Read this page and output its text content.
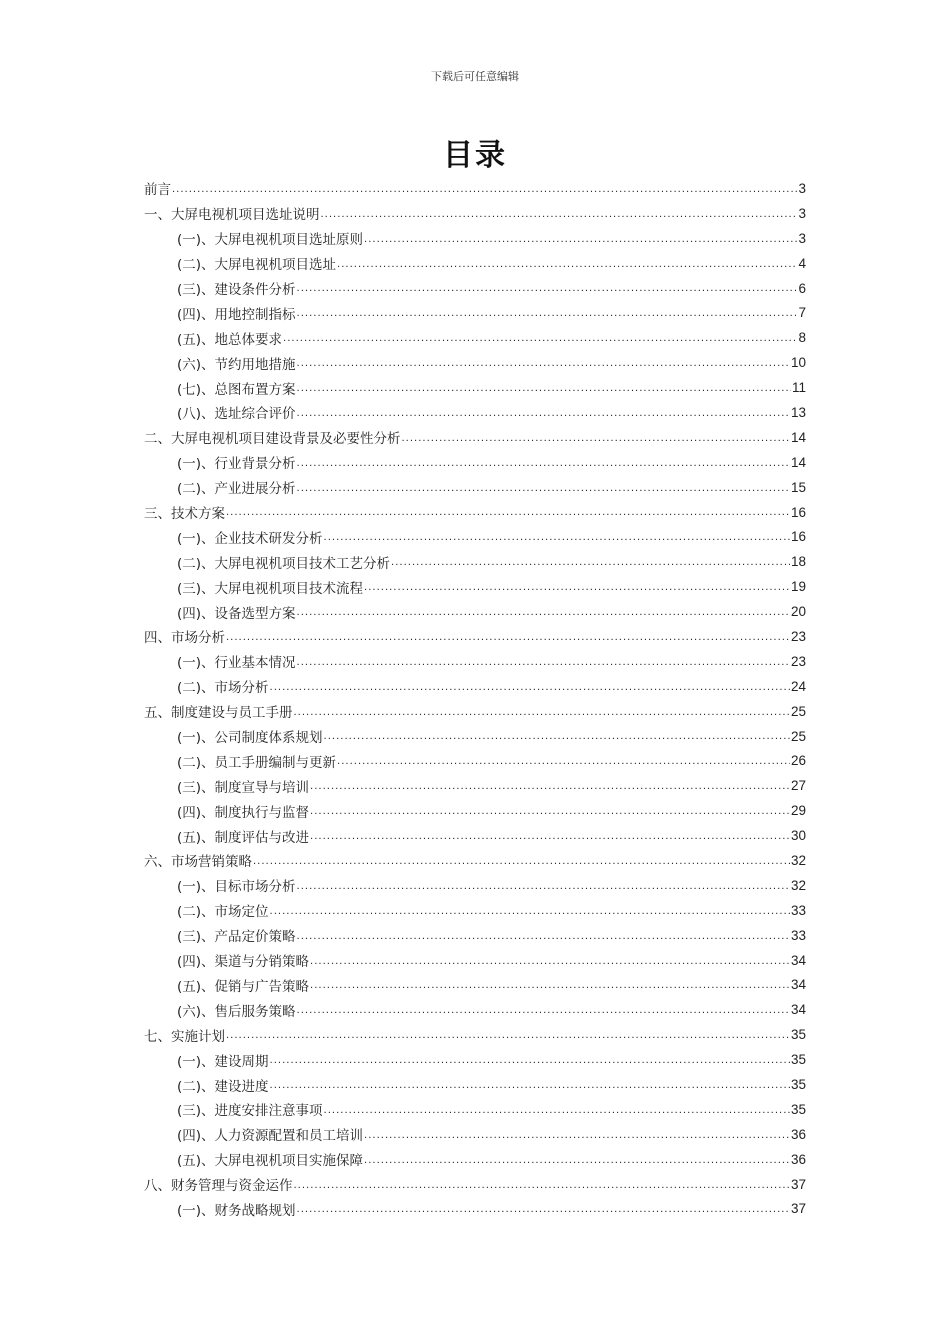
下载后可任意编辑
目录
前言 .....	3
一、大屏电视机项目选址说明 .....	3
(一)、大屏电视机项目选址原则 .....	3
(二)、大屏电视机项目选址 .....	4
(三)、建设条件分析 .....	6
(四)、用地控制指标 .....	7
(五)、地总体要求 .....	8
(六)、节约用地措施 .....	10
(七)、总图布置方案 .....	11
(八)、选址综合评价 .....	13
二、大屏电视机项目建设背景及必要性分析 .....	14
(一)、行业背景分析 .....	14
(二)、产业进展分析 .....	15
三、技术方案 .....	16
(一)、企业技术研发分析 .....	16
(二)、大屏电视机项目技术工艺分析 .....	18
(三)、大屏电视机项目技术流程 .....	19
(四)、设备选型方案 .....	20
四、市场分析 .....	23
(一)、行业基本情况 .....	23
(二)、市场分析 .....	24
五、制度建设与员工手册 .....	25
(一)、公司制度体系规划 .....	25
(二)、员工手册编制与更新 .....	26
(三)、制度宣导与培训 .....	27
(四)、制度执行与监督 .....	29
(五)、制度评估与改进 .....	30
六、市场营销策略 .....	32
(一)、目标市场分析 .....	32
(二)、市场定位 .....	33
(三)、产品定价策略 .....	33
(四)、渠道与分销策略 .....	34
(五)、促销与广告策略 .....	34
(六)、售后服务策略 .....	34
七、实施计划 .....	35
(一)、建设周期 .....	35
(二)、建设进度 .....	35
(三)、进度安排注意事项 .....	35
(四)、人力资源配置和员工培训 .....	36
(五)、大屏电视机项目实施保障 .....	36
八、财务管理与资金运作 .....	37
(一)、财务战略规划 .....	37
